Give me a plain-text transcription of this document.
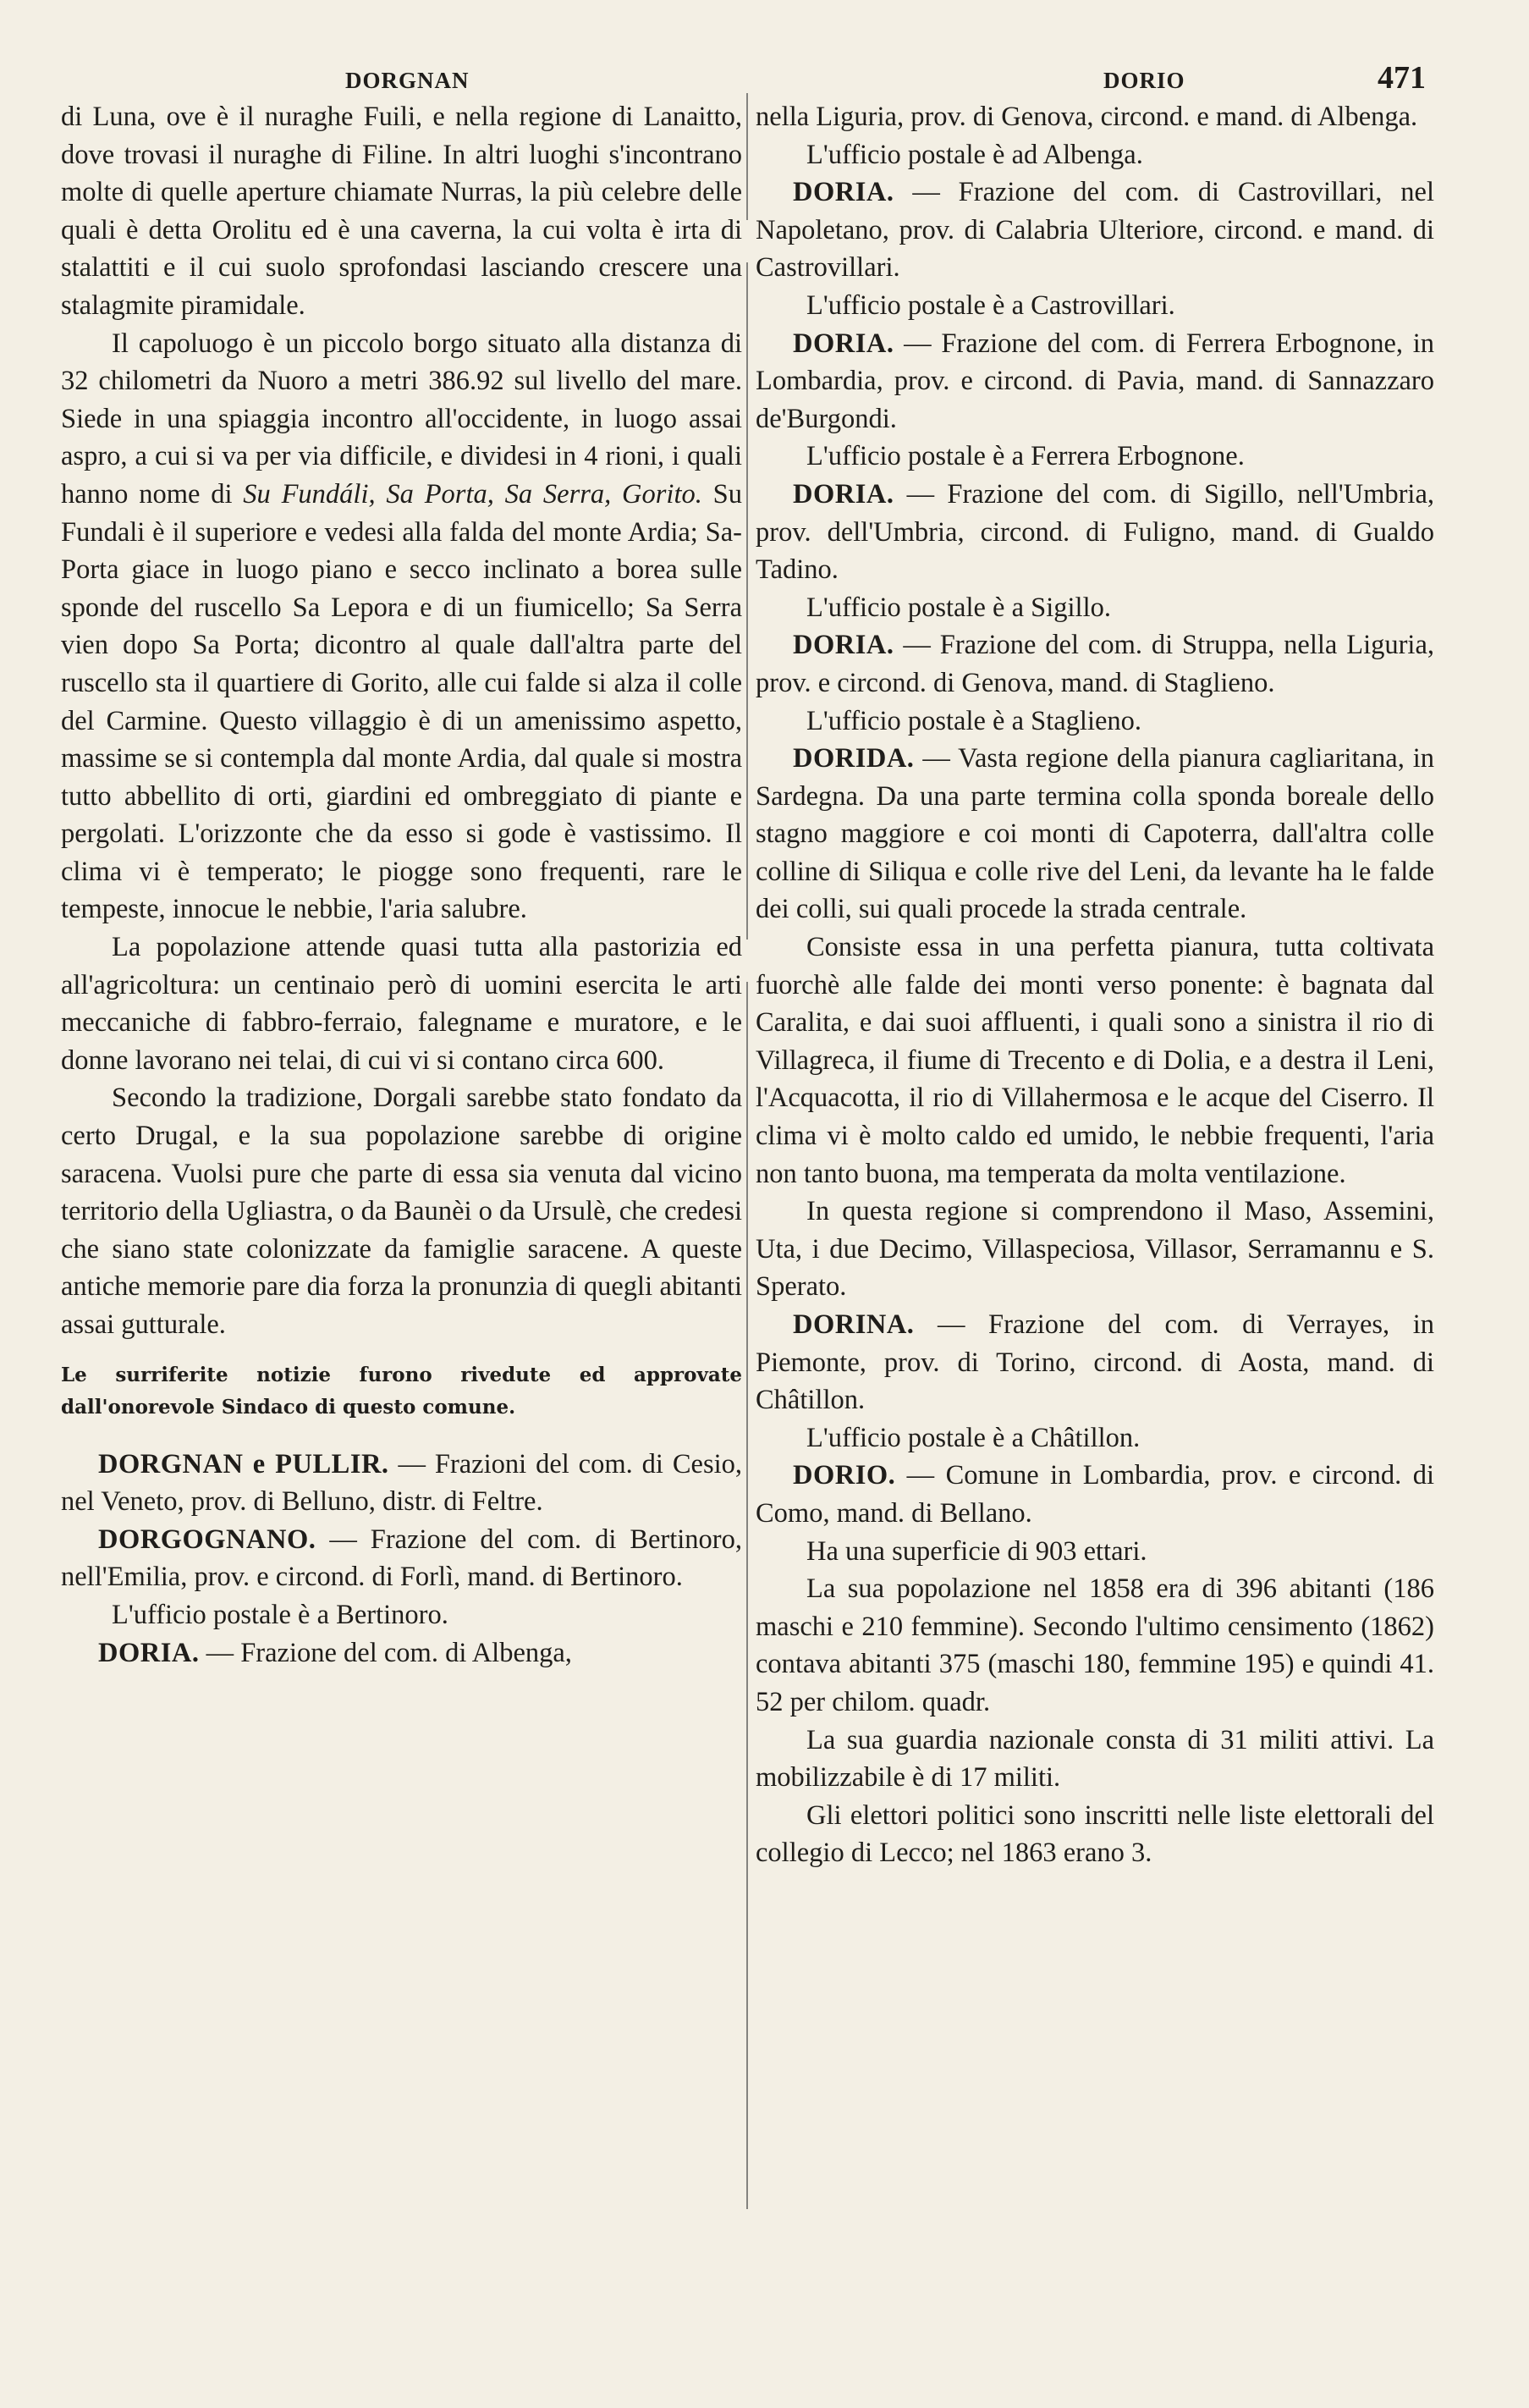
DORGNAN	DORIO	471

di Luna, ove è il nuraghe Fuili, e nella regione di Lanaitto, dove trovasi il nuraghe di Filine. In altri luoghi s'incontrano molte di quelle aperture chiamate Nurras, la più celebre delle quali è detta Orolitu ed è una caverna, la cui volta è irta di stalattiti e il cui suolo sprofondasi lasciando crescere una stalagmite piramidale.

Il capoluogo è un piccolo borgo situato alla distanza di 32 chilometri da Nuoro a metri 386.92 sul livello del mare. Siede in una spiaggia incontro all'occidente, in luogo assai aspro, a cui si va per via difficile, e dividesi in 4 rioni, i quali hanno nome di Su Fundáli, Sa Porta, Sa Serra, Gorito. Su Fundali è il superiore e vedesi alla falda del monte Ardia; Sa-Porta giace in luogo piano e secco inclinato a borea sulle sponde del ruscello Sa Lepora e di un fiumicello; Sa Serra vien dopo Sa Porta; dicontro al quale dall'altra parte del ruscello sta il quartiere di Gorito, alle cui falde si alza il colle del Carmine. Questo villaggio è di un amenissimo aspetto, massime se si contempla dal monte Ardia, dal quale si mostra tutto abbellito di orti, giardini ed ombreggiato di piante e pergolati. L'orizzonte che da esso si gode è vastissimo. Il clima vi è temperato; le piogge sono frequenti, rare le tempeste, innocue le nebbie, l'aria salubre.

La popolazione attende quasi tutta alla pastorizia ed all'agricoltura: un centinaio però di uomini esercita le arti meccaniche di fabbro-ferraio, falegname e muratore, e le donne lavorano nei telai, di cui vi si contano circa 600.

Secondo la tradizione, Dorgali sarebbe stato fondato da certo Drugal, e la sua popolazione sarebbe di origine saracena. Vuolsi pure che parte di essa sia venuta dal vicino territorio della Ugliastra, o da Baunèi o da Ursulè, che credesi che siano state colonizzate da famiglie saracene. A queste antiche memorie pare dia forza la pronunzia di quegli abitanti assai gutturale.

Le surriferite notizie furono rivedute ed approvate dall'onorevole Sindaco di questo comune.

DORGNAN e PULLIR. — Frazioni del com. di Cesio, nel Veneto, prov. di Belluno, distr. di Feltre.

DORGOGNANO. — Frazione del com. di Bertinoro, nell'Emilia, prov. e circond. di Forlì, mand. di Bertinoro.

L'ufficio postale è a Bertinoro.

DORIA. — Frazione del com. di Albenga,

nella Liguria, prov. di Genova, circond. e mand. di Albenga.

L'ufficio postale è ad Albenga.

DORIA. — Frazione del com. di Castrovillari, nel Napoletano, prov. di Calabria Ulteriore, circond. e mand. di Castrovillari.

L'ufficio postale è a Castrovillari.

DORIA. — Frazione del com. di Ferrera Erbognone, in Lombardia, prov. e circond. di Pavia, mand. di Sannazzaro de'Burgondi.

L'ufficio postale è a Ferrera Erbognone.

DORIA. — Frazione del com. di Sigillo, nell'Umbria, prov. dell'Umbria, circond. di Fuligno, mand. di Gualdo Tadino.

L'ufficio postale è a Sigillo.

DORIA. — Frazione del com. di Struppa, nella Liguria, prov. e circond. di Genova, mand. di Staglieno.

L'ufficio postale è a Staglieno.

DORIDA. — Vasta regione della pianura cagliaritana, in Sardegna. Da una parte termina colla sponda boreale dello stagno maggiore e coi monti di Capoterra, dall'altra colle colline di Siliqua e colle rive del Leni, da levante ha le falde dei colli, sui quali procede la strada centrale.

Consiste essa in una perfetta pianura, tutta coltivata fuorchè alle falde dei monti verso ponente: è bagnata dal Caralita, e dai suoi affluenti, i quali sono a sinistra il rio di Villagreca, il fiume di Trecento e di Dolia, e a destra il Leni, l'Acquacotta, il rio di Villahermosa e le acque del Ciserro. Il clima vi è molto caldo ed umido, le nebbie frequenti, l'aria non tanto buona, ma temperata da molta ventilazione.

In questa regione si comprendono il Maso, Assemini, Uta, i due Decimo, Villaspeciosa, Villasor, Serramannu e S. Sperato.

DORINA. — Frazione del com. di Verrayes, in Piemonte, prov. di Torino, circond. di Aosta, mand. di Châtillon.

L'ufficio postale è a Châtillon.

DORIO. — Comune in Lombardia, prov. e circond. di Como, mand. di Bellano.

Ha una superficie di 903 ettari.

La sua popolazione nel 1858 era di 396 abitanti (186 maschi e 210 femmine). Secondo l'ultimo censimento (1862) contava abitanti 375 (maschi 180, femmine 195) e quindi 41. 52 per chilom. quadr.

La sua guardia nazionale consta di 31 militi attivi. La mobilizzabile è di 17 militi.

Gli elettori politici sono inscritti nelle liste elettorali del collegio di Lecco; nel 1863 erano 3.
